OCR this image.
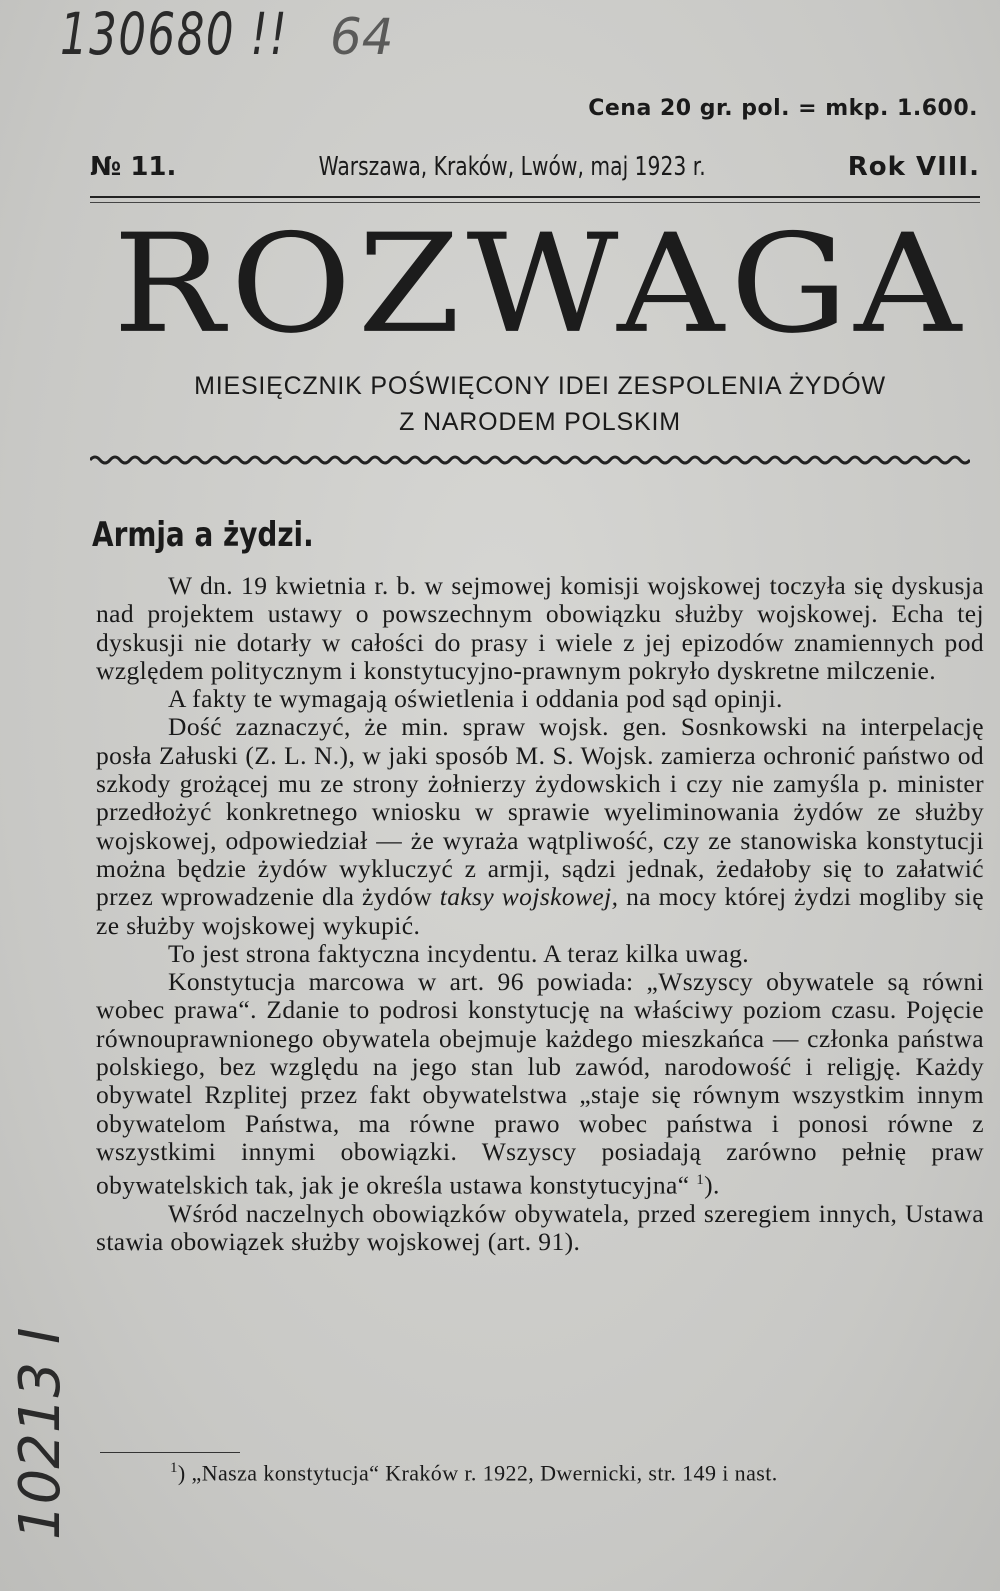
130680 !! 64
10213 I
Cena 20 gr. pol. = mkp. 1.600.
№ 11.	Warszawa, Kraków, Lwów, maj 1923 r.	Rok VIII.
ROZWAGA
MIESIĘCZNIK POŚWIĘCONY IDEI ZESPOLENIA ŻYDÓW
Z NARODEM POLSKIM
Armja a żydzi.

W dn. 19 kwietnia r. b. w sejmowej komisji wojskowej toczyła się dyskusja nad projektem ustawy o powszechnym obowiązku służby wojskowej. Echa tej dyskusji nie dotarły w całości do prasy i wiele z jej epizodów znamiennych pod względem politycznym i konstytucyjno-prawnym pokryło dyskretne milczenie.

A fakty te wymagają oświetlenia i oddania pod sąd opinji.

Dość zaznaczyć, że min. spraw wojsk. gen. Sosnkowski na interpelację posła Załuski (Z. L. N.), w jaki sposób M. S. Wojsk. zamierza ochronić państwo od szkody grożącej mu ze strony żołnierzy żydowskich i czy nie zamyśla p. minister przedłożyć konkretnego wniosku w sprawie wyeliminowania żydów ze służby wojskowej, odpowiedział — że wyraża wątpliwość, czy ze stanowiska konstytucji można będzie żydów wykluczyć z armji, sądzi jednak, żedałoby się to załatwić przez wprowadzenie dla żydów taksy wojskowej, na mocy której żydzi mogliby się ze służby wojskowej wykupić.

To jest strona faktyczna incydentu. A teraz kilka uwag.

Konstytucja marcowa w art. 96 powiada: „Wszyscy obywatele są równi wobec prawa“. Zdanie to podrosi konstytucję na właściwy poziom czasu. Pojęcie równouprawnionego obywatela obejmuje każdego mieszkańca — członka państwa polskiego, bez względu na jego stan lub zawód, narodowość i religję. Każdy obywatel Rzplitej przez fakt obywatelstwa „staje się równym wszystkim innym obywatelom Państwa, ma równe prawo wobec państwa i ponosi równe z wszystkimi innymi obowiązki. Wszyscy posiadają zarówno pełnię praw obywatelskich tak, jak je określa ustawa konstytucyjna“ $^1$).

Wśród naczelnych obowiązków obywatela, przed szeregiem innych, Ustawa stawia obowiązek służby wojskowej (art. 91).

$^1$) „Nasza konstytucja“ Kraków r. 1922, Dwernicki, str. 149 i nast.
